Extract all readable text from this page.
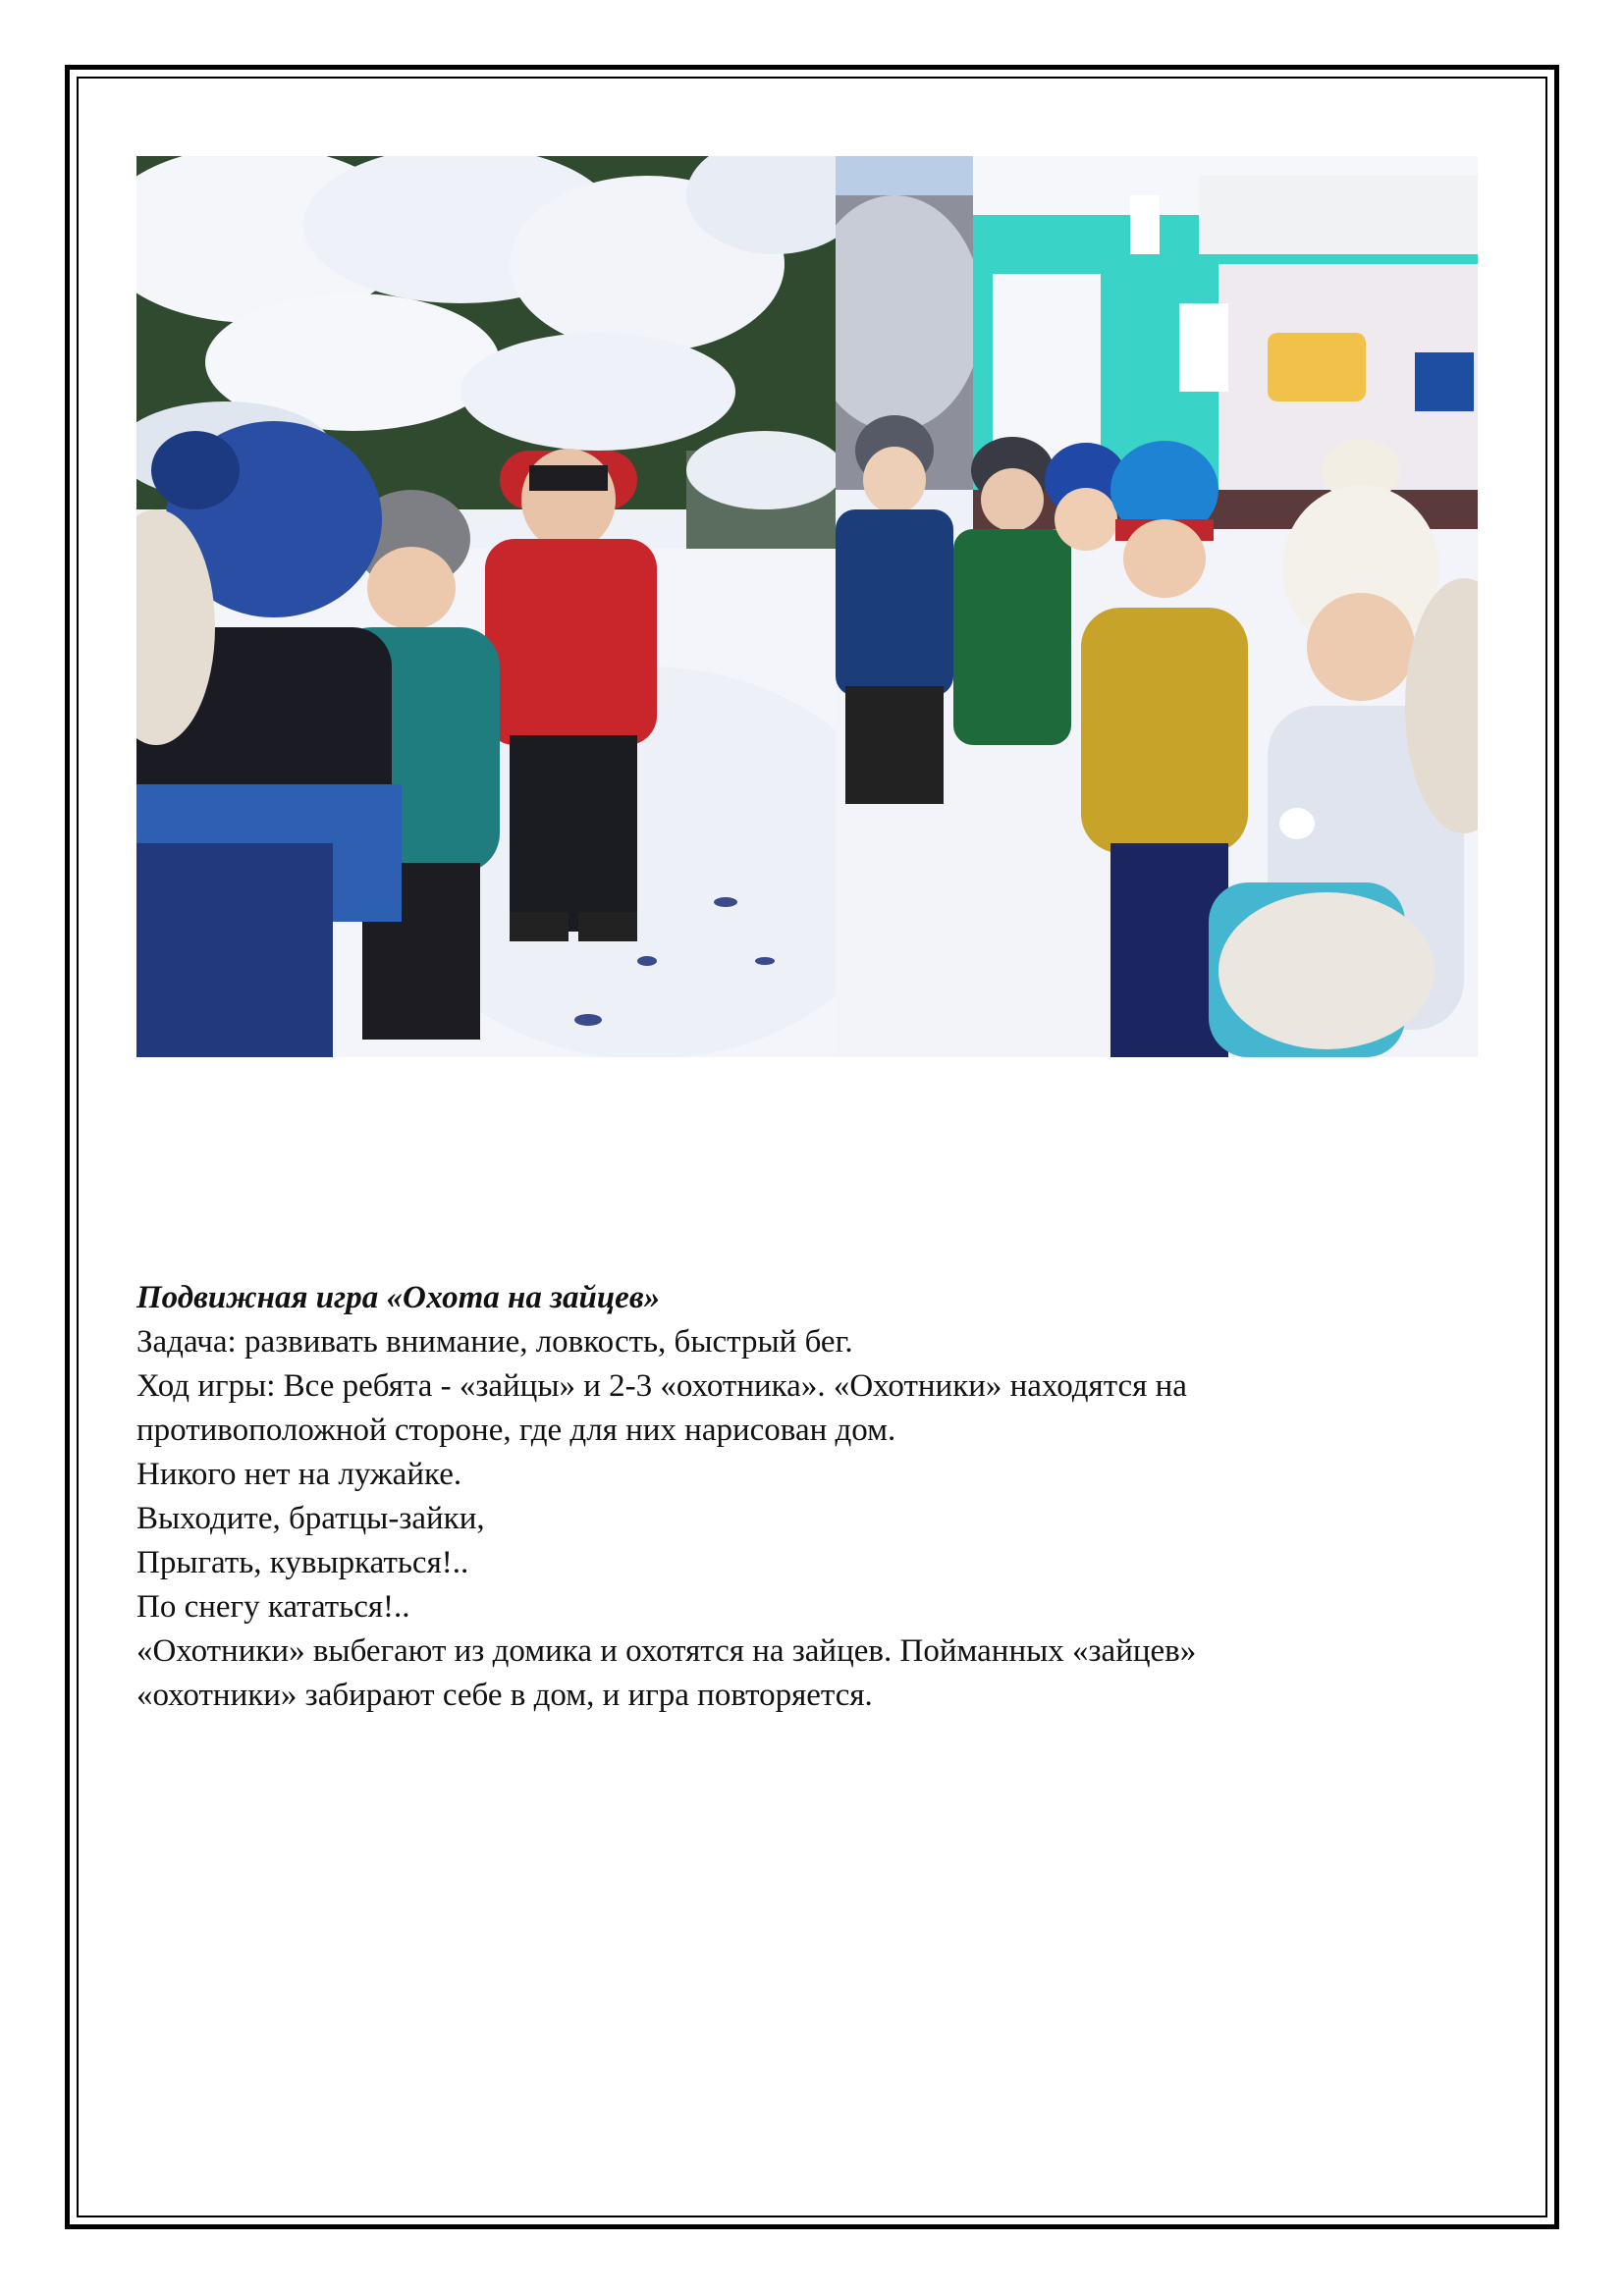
Подвижная игра «Охота на зайцев»

Задача: развивать внимание, ловкость, быстрый бег.

Ход игры: Все ребята - «зайцы» и 2-3 «охотника». «Охотники» находятся на

противоположной стороне, где для них нарисован дом.

Никого нет на лужайке.

Выходите, братцы-зайки,

Прыгать, кувыркаться!..

По снегу кататься!..

«Охотники» выбегают из домика и охотятся на зайцев. Пойманных «зайцев»

«охотники» забирают себе в дом, и игра повторяется.
